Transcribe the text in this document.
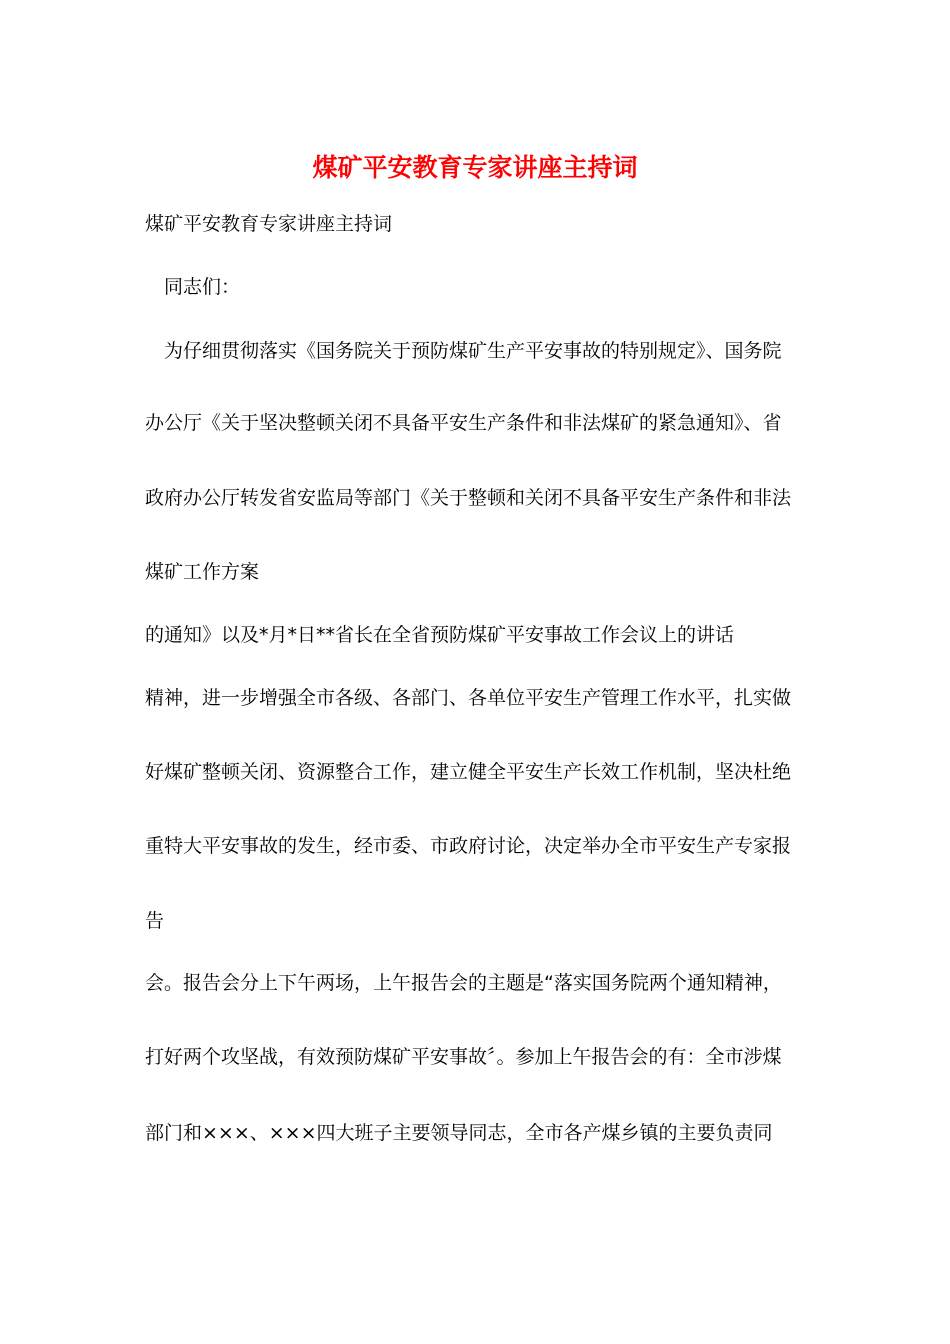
煤矿平安教育专家讲座主持词
煤矿平安教育专家讲座主持词
同志们：
为仔细贯彻落实《国务院关于预防煤矿生产平安事故的特别规定》、国务院
办公厅《关于坚决整顿关闭不具备平安生产条件和非法煤矿的紧急通知》、省
政府办公厅转发省安监局等部门《关于整顿和关闭不具备平安生产条件和非法
煤矿工作方案
的通知》以及*月*日**省长在全省预防煤矿平安事故工作会议上的讲话
精神，进一步增强全市各级、各部门、各单位平安生产管理工作水平，扎实做
好煤矿整顿关闭、资源整合工作，建立健全平安生产长效工作机制，坚决杜绝
重特大平安事故的发生，经市委、市政府讨论，决定举办全市平安生产专家报
告
会。报告会分上下午两场，上午报告会的主题是“落实国务院两个通知精神，
打好两个攻坚战，有效预防煤矿平安事故〞。参加上午报告会的有：全市涉煤
部门和×××、×××四大班子主要领导同志，全市各产煤乡镇的主要负责同
